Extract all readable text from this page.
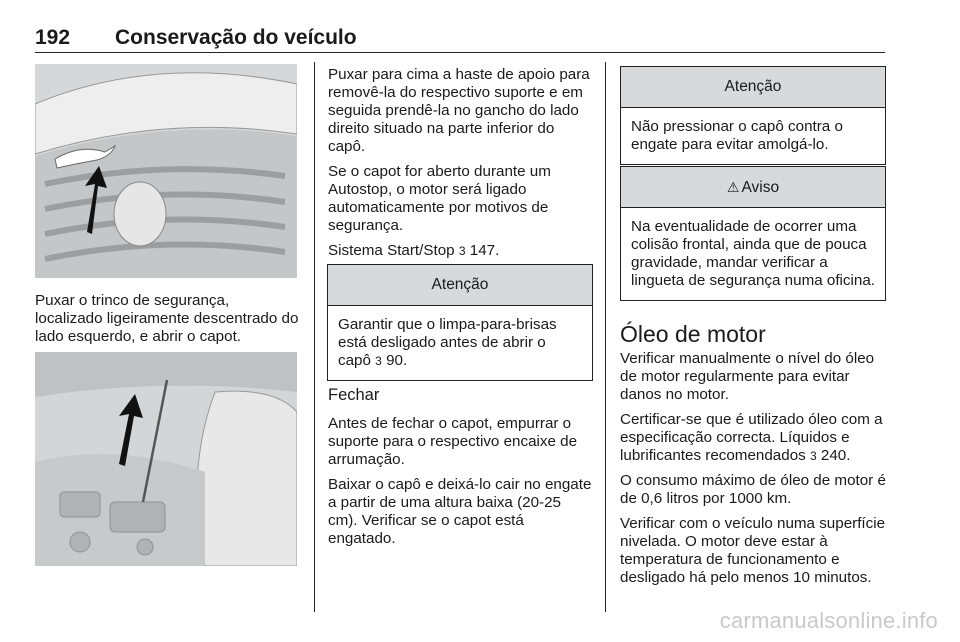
192 Conservação do veículo

Puxar o trinco de segurança, localizado ligeiramente descentrado do lado esquerdo, e abrir o capot.

Puxar para cima a haste de apoio para removê-la do respectivo suporte e em seguida prendê-la no gancho do lado direito situado na parte inferior do capô.

Se o capot for aberto durante um Autostop, o motor será ligado automaticamente por motivos de segurança.

Sistema Start/Stop 3 147.

Atenção
Garantir que o limpa-para-brisas está desligado antes de abrir o capô 3 90.

Fechar

Antes de fechar o capot, empurrar o suporte para o respectivo encaixe de arrumação.

Baixar o capô e deixá-lo cair no engate a partir de uma altura baixa (20-25 cm). Verificar se o capot está engatado.

Atenção
Não pressionar o capô contra o engate para evitar amolgá-lo.
⚠ Aviso
Na eventualidade de ocorrer uma colisão frontal, ainda que de pouca gravidade, mandar verificar a lingueta de segurança numa oficina.
Óleo de motor

Verificar manualmente o nível do óleo de motor regularmente para evitar danos no motor.

Certificar-se que é utilizado óleo com a especificação correcta. Líquidos e lubrificantes recomendados 3 240.

O consumo máximo de óleo de motor é de 0,6 litros por 1000 km.

Verificar com o veículo numa superfície nivelada. O motor deve estar à temperatura de funcionamento e desligado há pelo menos 10 minutos.

carmanualsonline.info
